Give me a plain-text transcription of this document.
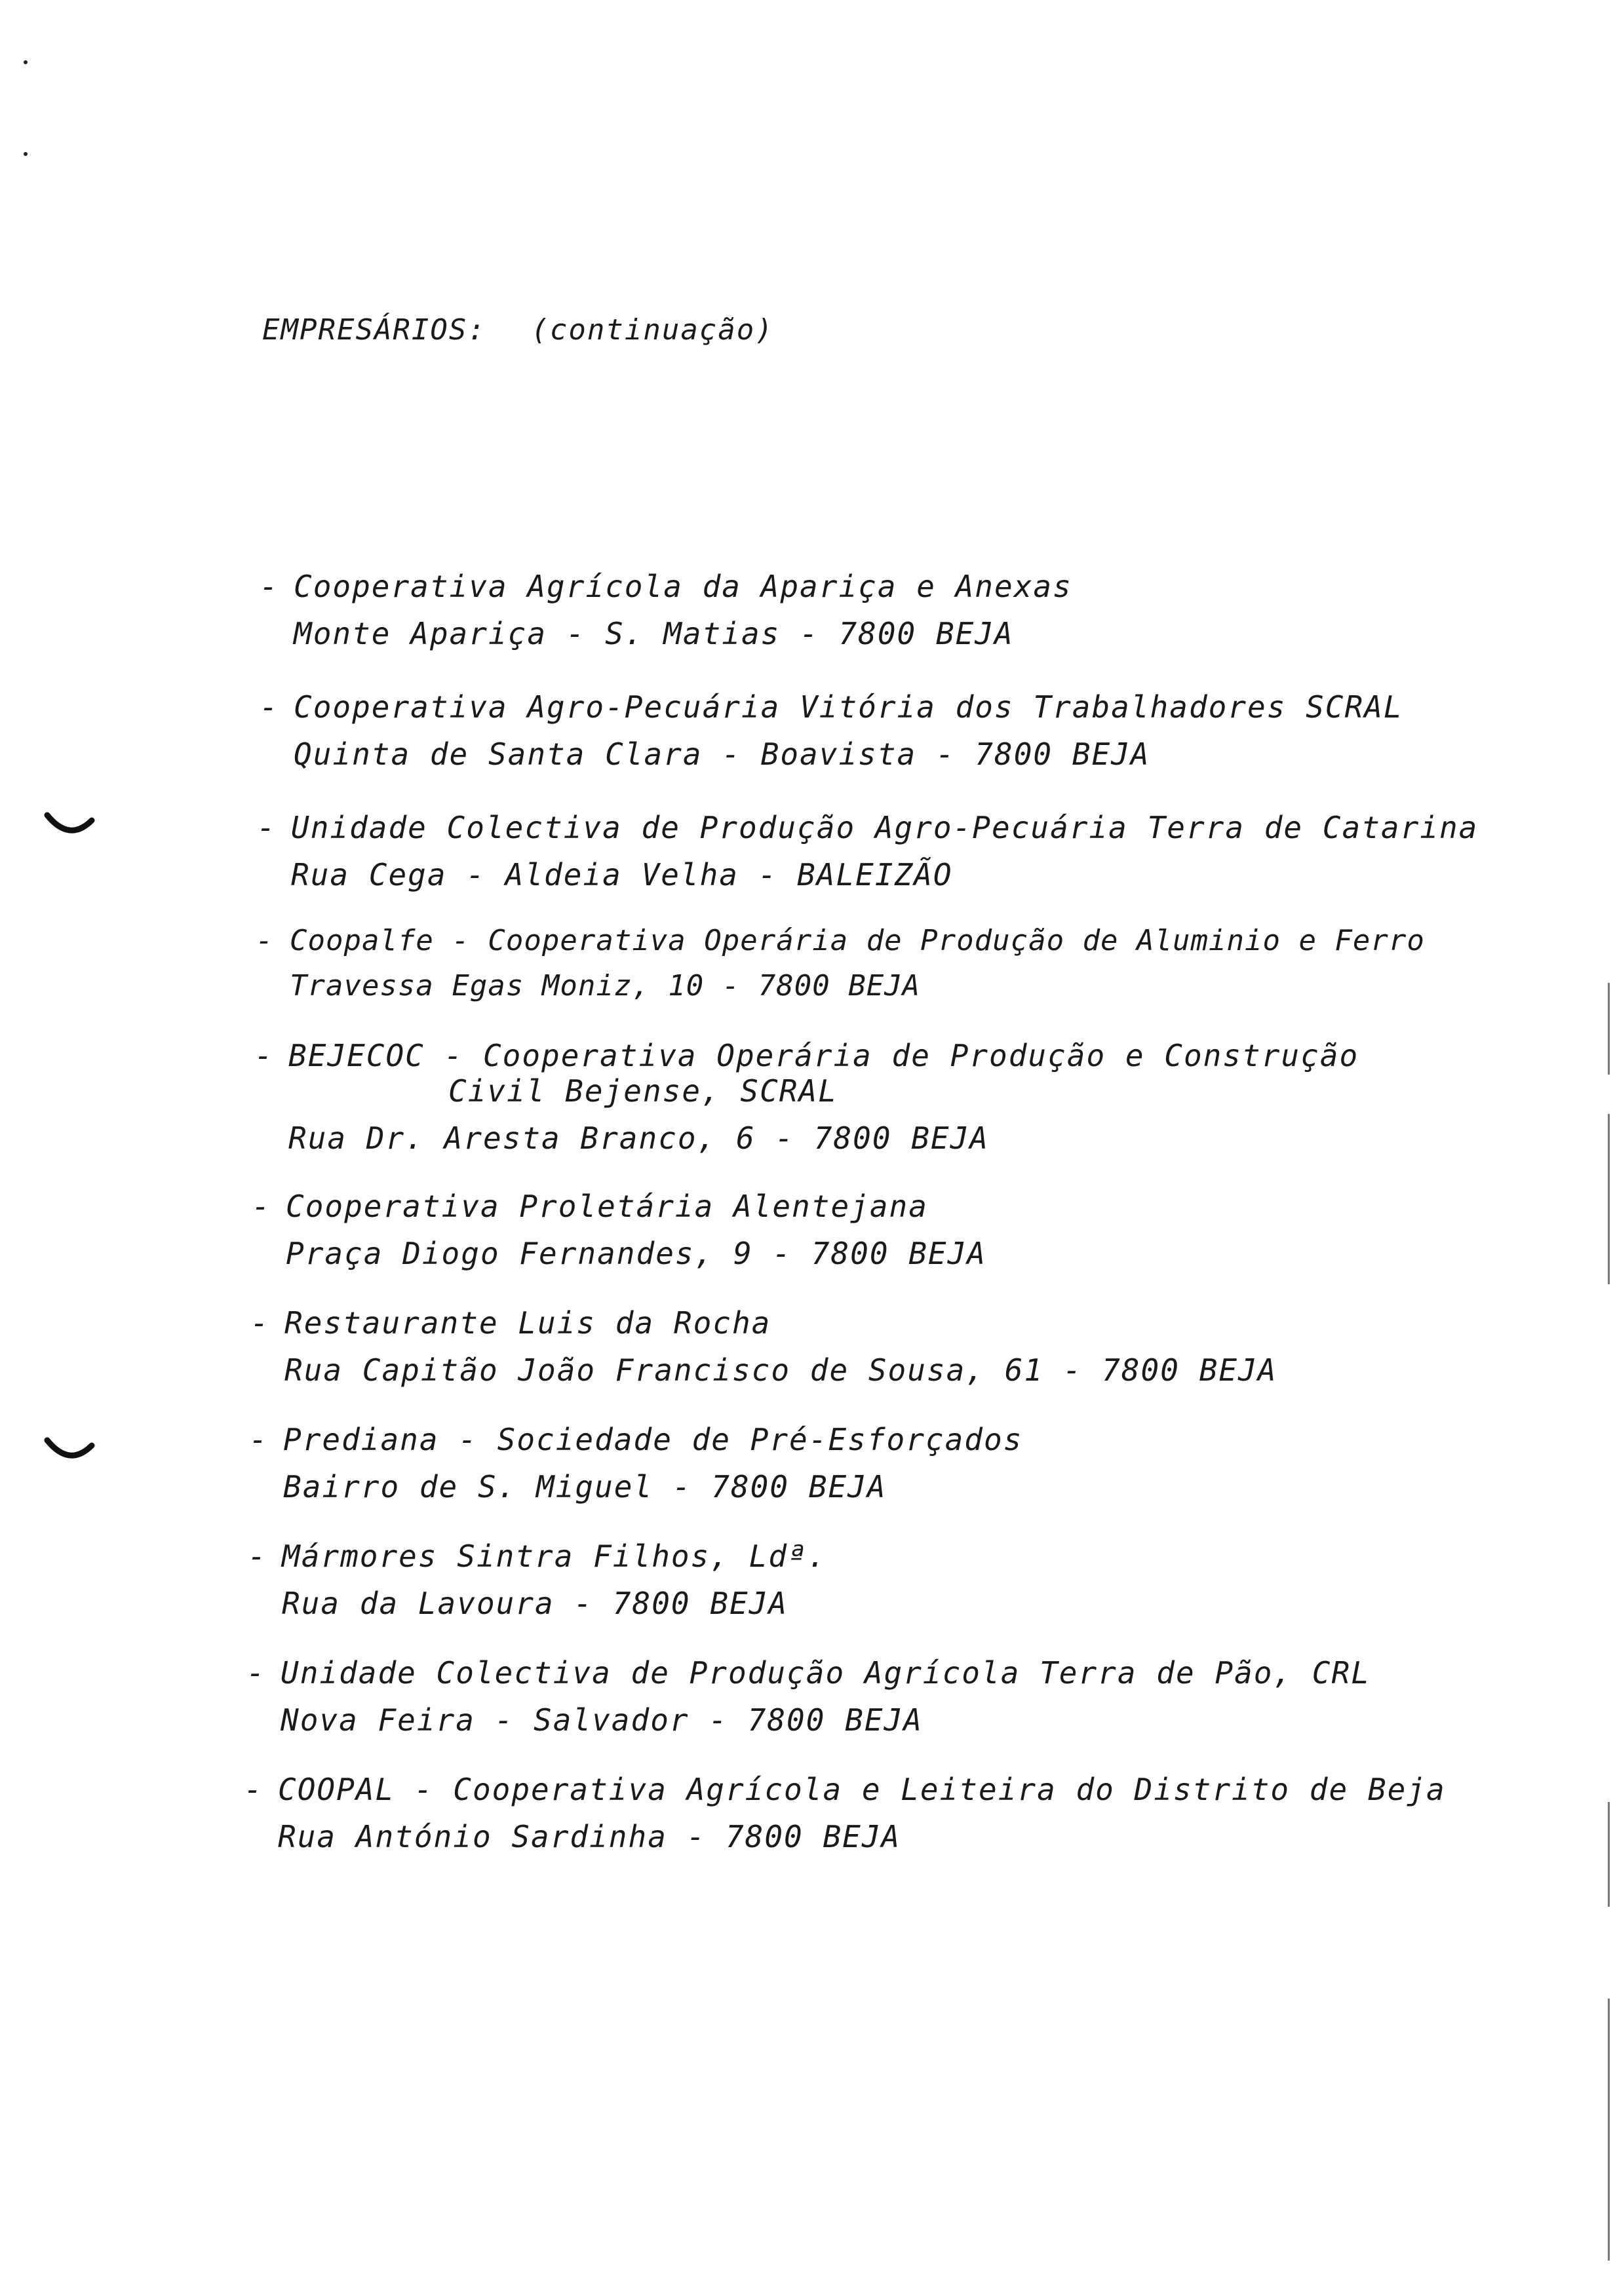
EMPRESÁRIOS: (continuação)
- Cooperativa Agrícola da Apariça e Anexas
Monte Apariça - S. Matias - 7800 BEJA
- Cooperativa Agro-Pecuária Vitória dos Trabalhadores SCRAL
Quinta de Santa Clara - Boavista - 7800 BEJA
- Unidade Colectiva de Produção Agro-Pecuária Terra de Catarina
Rua Cega - Aldeia Velha - BALEIZÃO
- Coopalfe - Cooperativa Operária de Produção de Aluminio e Ferro
Travessa Egas Moniz, 10 - 7800 BEJA
- BEJECOC - Cooperativa Operária de Produção e Construção
Civil Bejense, SCRAL
Rua Dr. Aresta Branco, 6 - 7800 BEJA
- Cooperativa Proletária Alentejana
Praça Diogo Fernandes, 9 - 7800 BEJA
- Restaurante Luis da Rocha
Rua Capitão João Francisco de Sousa, 61 - 7800 BEJA
- Prediana - Sociedade de Pré-Esforçados
Bairro de S. Miguel - 7800 BEJA
- Mármores Sintra Filhos, Ldª.
Rua da Lavoura - 7800 BEJA
- Unidade Colectiva de Produção Agrícola Terra de Pão, CRL
Nova Feira - Salvador - 7800 BEJA
- COOPAL - Cooperativa Agrícola e Leiteira do Distrito de Beja
Rua António Sardinha - 7800 BEJA
